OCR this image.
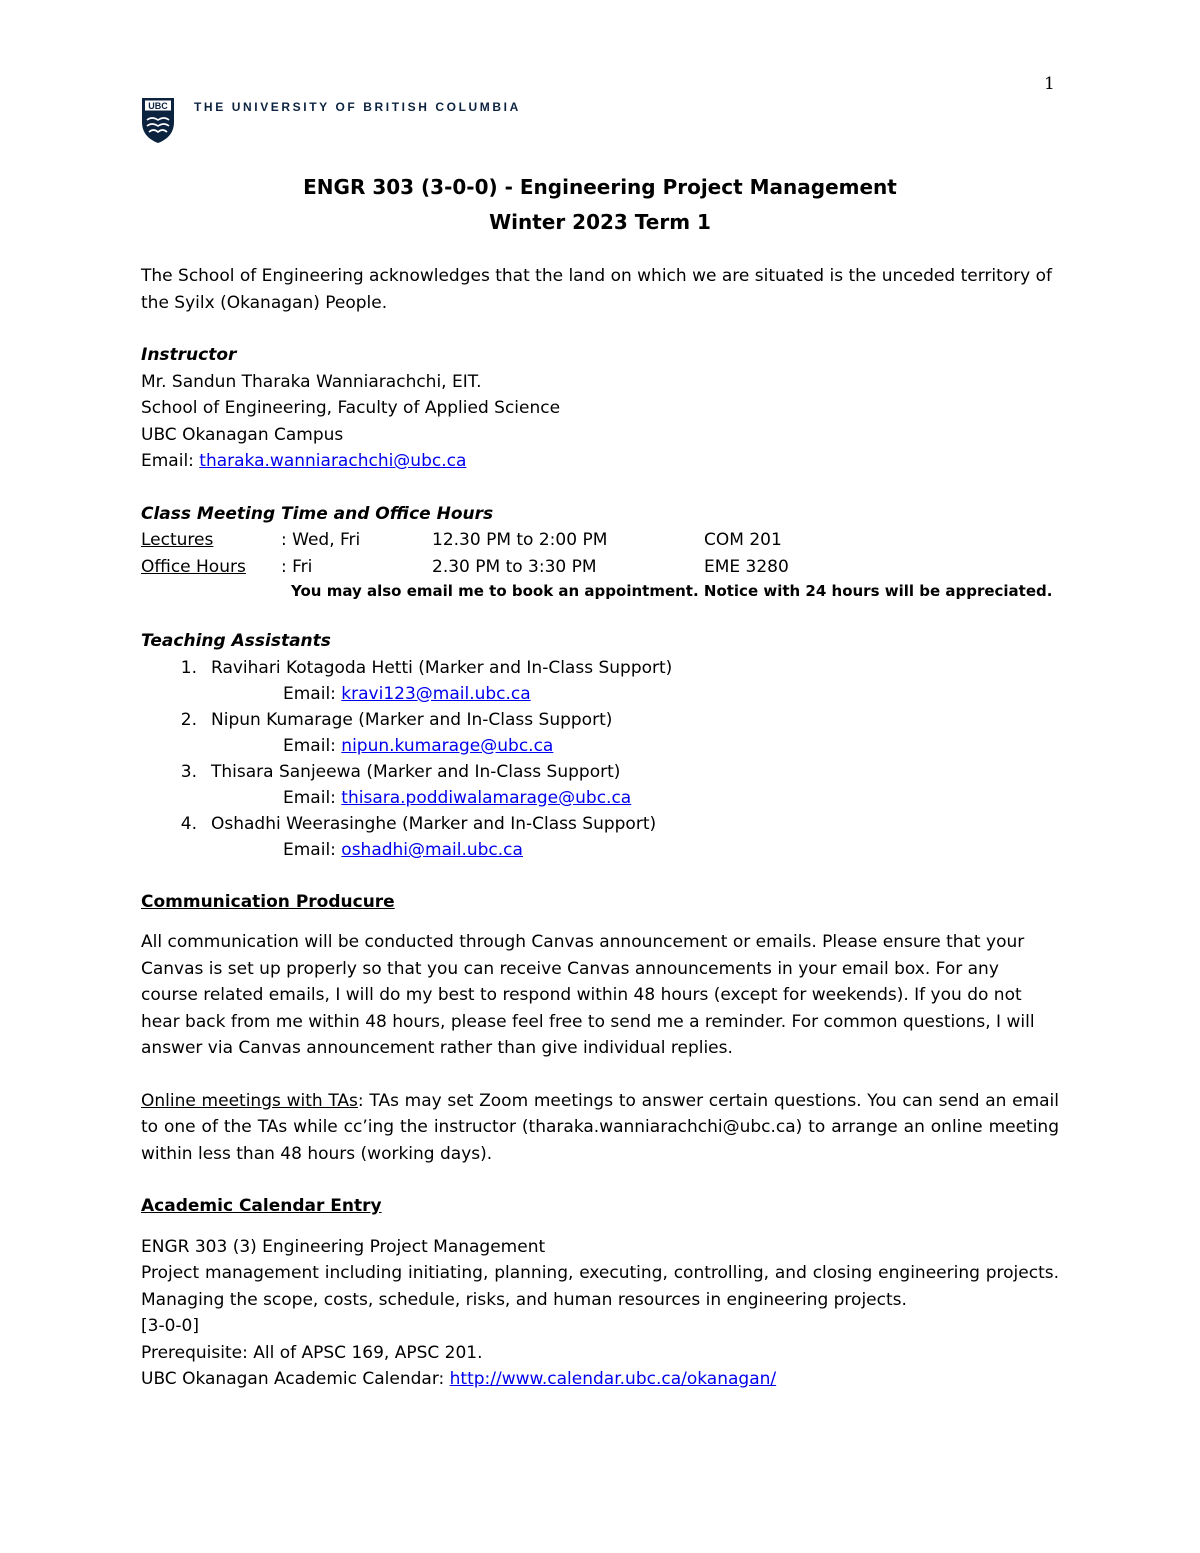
1
UBC THE UNIVERSITY OF BRITISH COLUMBIA
ENGR 303 (3-0-0) - Engineering Project Management
Winter 2023 Term 1

The School of Engineering acknowledges that the land on which we are situated is the unceded territory of the Syilx (Okanagan) People.

Instructor

Mr. Sandun Tharaka Wanniarachchi, EIT.

School of Engineering, Faculty of Applied Science

UBC Okanagan Campus

Email: tharaka.wanniarachchi@ubc.ca

Class Meeting Time and Office Hours

Lectures	: Wed, Fri	12.30 PM to 2:00 PM	COM 201
Office Hours	: Fri	2.30 PM to 3:30 PM	EME 3280
You may also email me to book an appointment. Notice with 24 hours will be appreciated.

Teaching Assistants

1. Ravihari Kotagoda Hetti (Marker and In-Class Support)
Email: kravi123@mail.ubc.ca
2. Nipun Kumarage (Marker and In-Class Support)
Email: nipun.kumarage@ubc.ca
3. Thisara Sanjeewa (Marker and In-Class Support)
Email: thisara.poddiwalamarage@ubc.ca
4. Oshadhi Weerasinghe (Marker and In-Class Support)
Email: oshadhi@mail.ubc.ca

Communication Producure

All communication will be conducted through Canvas announcement or emails. Please ensure that your Canvas is set up properly so that you can receive Canvas announcements in your email box. For any course related emails, I will do my best to respond within 48 hours (except for weekends). If you do not hear back from me within 48 hours, please feel free to send me a reminder. For common questions, I will answer via Canvas announcement rather than give individual replies.

Online meetings with TAs: TAs may set Zoom meetings to answer certain questions. You can send an email to one of the TAs while cc’ing the instructor (tharaka.wanniarachchi@ubc.ca) to arrange an online meeting within less than 48 hours (working days).

Academic Calendar Entry

ENGR 303 (3) Engineering Project Management

Project management including initiating, planning, executing, controlling, and closing engineering projects. Managing the scope, costs, schedule, risks, and human resources in engineering projects.

[3-0-0]

Prerequisite: All of APSC 169, APSC 201.

UBC Okanagan Academic Calendar: http://www.calendar.ubc.ca/okanagan/
